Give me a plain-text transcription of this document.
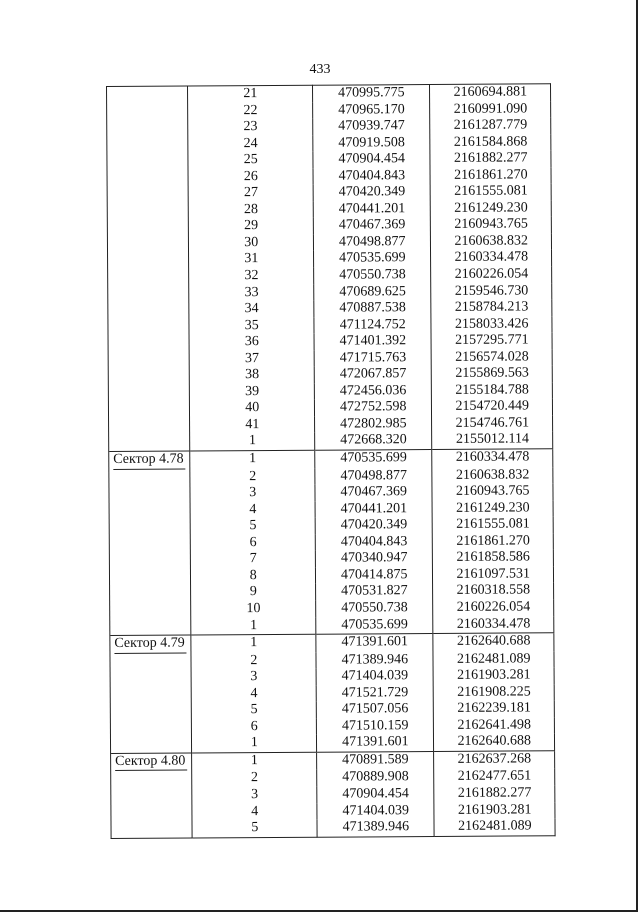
433
	21	470995.775	2160694.881
	22	470965.170	2160991.090
	23	470939.747	2161287.779
	24	470919.508	2161584.868
	25	470904.454	2161882.277
	26	470404.843	2161861.270
	27	470420.349	2161555.081
	28	470441.201	2161249.230
	29	470467.369	2160943.765
	30	470498.877	2160638.832
	31	470535.699	2160334.478
	32	470550.738	2160226.054
	33	470689.625	2159546.730
	34	470887.538	2158784.213
	35	471124.752	2158033.426
	36	471401.392	2157295.771
	37	471715.763	2156574.028
	38	472067.857	2155869.563
	39	472456.036	2155184.788
	40	472752.598	2154720.449
	41	472802.985	2154746.761
	1	472668.320	2155012.114
Сектор 4.78	1	470535.699	2160334.478
	2	470498.877	2160638.832
	3	470467.369	2160943.765
	4	470441.201	2161249.230
	5	470420.349	2161555.081
	6	470404.843	2161861.270
	7	470340.947	2161858.586
	8	470414.875	2161097.531
	9	470531.827	2160318.558
	10	470550.738	2160226.054
	1	470535.699	2160334.478
Сектор 4.79	1	471391.601	2162640.688
	2	471389.946	2162481.089
	3	471404.039	2161903.281
	4	471521.729	2161908.225
	5	471507.056	2162239.181
	6	471510.159	2162641.498
	1	471391.601	2162640.688
Сектор 4.80	1	470891.589	2162637.268
	2	470889.908	2162477.651
	3	470904.454	2161882.277
	4	471404.039	2161903.281
	5	471389.946	2162481.089
